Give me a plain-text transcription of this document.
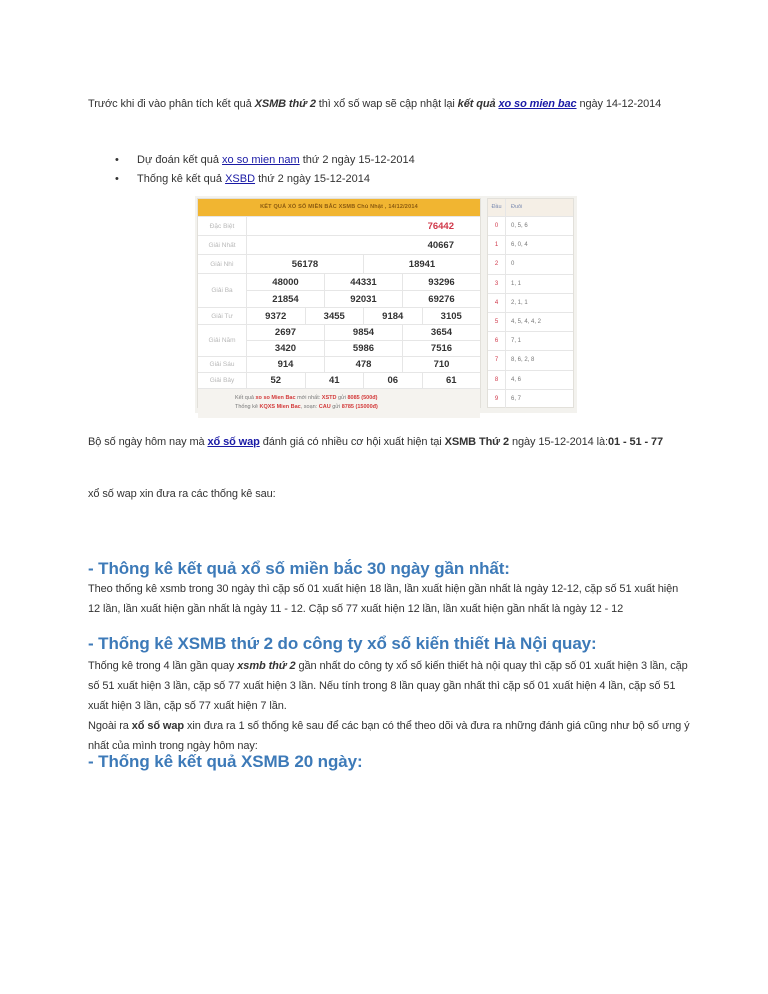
Trước khi đi vào phân tích kết quả XSMB thứ 2 thì xổ số wap sẽ cập nhật lại kết quả xo so mien bac ngày 14-12-2014

• Dự đoán kết quả xo so mien nam thứ 2 ngày 15-12-2014
• Thống kê kết quả XSBD thứ 2 ngày 15-12-2014
KẾT QUẢ XỔ SỐ MIỀN BẮC XSMB Chủ Nhật , 14/12/2014
Đặc Biệt	76442
Giải Nhất	40667
Giải Nhì	56178	18941
Giải Ba
48000	44331	93296
21854	92031	69276
Giải Tư	9372	3455	9184	3105
Giải Năm
2697	9854	3654
3420	5986	7516
Giải Sáu	914	478	710
Giải Bảy	52	41	06	61
Kết quả xo so Mien Bac mới nhất: XSTD gửi 8085 (500đ)
Thống kê KQXS Mien Bac, soạn: CAU gửi 8785 (15000đ)
Đầu	Đuôi
0	0, 5, 6
1	6, 0, 4
2	0
3	1, 1
4	2, 1, 1
5	4, 5, 4, 4, 2
6	7, 1
7	8, 6, 2, 8
8	4, 6
9	6, 7

Bộ số ngày hôm nay mà xổ số wap đánh giá có nhiều cơ hội xuất hiện tại XSMB Thứ 2 ngày 15-12-2014 là:01 - 51 - 77

xổ số wap xin đưa ra các thống kê sau:

- Thông kê kết quả xổ số miền bắc 30 ngày gần nhất:

Theo thống kê xsmb trong 30 ngày thì cặp số 01 xuất hiện 18 lần, lần xuất hiện gần nhất là ngày 12-12, cặp số 51 xuất hiện 12 lần, lần xuất hiện gần nhất là ngày 11 - 12. Cặp số 77 xuất hiện 12 lần, lần xuất hiện gần nhất là ngày 12 - 12

- Thống kê XSMB thứ 2 do công ty xổ số kiến thiết Hà Nội quay:

Thống kê trong 4 lần gần quay xsmb thứ 2 gần nhất do công ty xổ số kiến thiết hà nội quay thì cặp số 01 xuất hiện 3 lần, cặp số 51 xuất hiện 3 lần, cặp số 77 xuất hiện 3 lần. Nếu tính trong 8 lần quay gần nhất thì cặp số 01 xuất hiện 4 lần, cặp số 51 xuất hiện 3 lần, cặp số 77 xuất hiện 7 lần.

Ngoài ra xổ số wap xin đưa ra 1 số thống kê sau để các bạn có thể theo dõi và đưa ra những đánh giá cũng như bộ số ưng ý nhất của mình trong ngày hôm nay:

- Thống kê kết quả XSMB 20 ngày:
